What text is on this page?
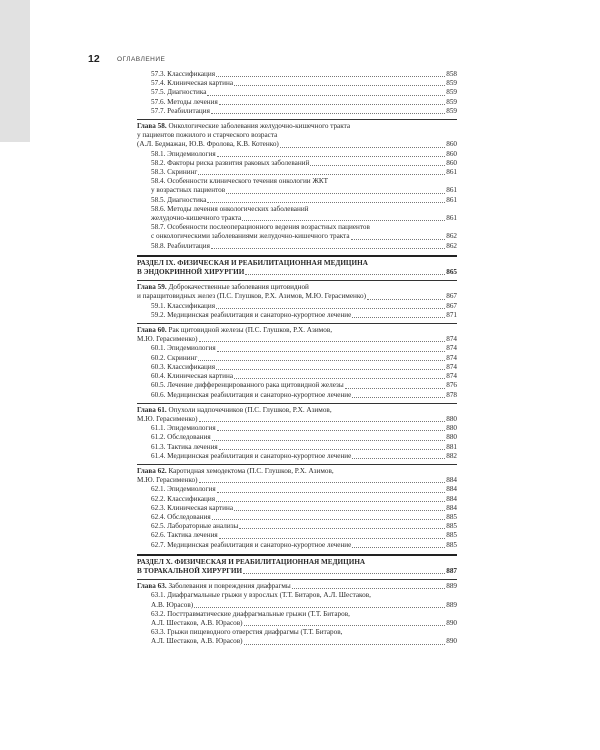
12	ОГЛАВЛЕНИЕ
57.3. Классификация	858
57.4. Клиническая картина	859
57.5. Диагностика	859
57.6. Методы лечения	859
57.7. Реабилитация	859
Глава 58. Онкологические заболевания желудочно-кишечного тракта
у пациентов пожилого и старческого возраста
(А.Л. Бедмажан, Ю.В. Фролова, К.В. Котенко)	860
58.1. Эпидемиология	860
58.2. Факторы риска развития раковых заболеваний	860
58.3. Скрининг	861
58.4. Особенности клинического течения онкологии ЖКТ
у возрастных пациентов	861
58.5. Диагностика	861
58.6. Методы лечения онкологических заболеваний
желудочно-кишечного тракта	861
58.7. Особенности послеоперационного ведения возрастных пациентов
с онкологическими заболеваниями желудочно-кишечного тракта	862
58.8. Реабилитация	862
РАЗДЕЛ IX. ФИЗИЧЕСКАЯ И РЕАБИЛИТАЦИОННАЯ МЕДИЦИНА
В ЭНДОКРИННОЙ ХИРУРГИИ	865
Глава 59. Доброкачественные заболевания щитовидной
и паращитовидных желез (П.С. Глушков, Р.Х. Азимов, М.Ю. Герасименко)	867
59.1. Классификация	867
59.2. Медицинская реабилитация и санаторно-курортное лечение	871
Глава 60. Рак щитовидной железы (П.С. Глушков, Р.Х. Азимов,
М.Ю. Герасименко)	874
60.1. Эпидемиология	874
60.2. Скрининг	874
60.3. Классификация	874
60.4. Клиническая картина	874
60.5. Лечение дифференцированного рака щитовидной железы	876
60.6. Медицинская реабилитация и санаторно-курортное лечение	878
Глава 61. Опухоли надпочечников (П.С. Глушков, Р.Х. Азимов,
М.Ю. Герасименко)	880
61.1. Эпидемиология	880
61.2. Обследования	880
61.3. Тактика лечения	881
61.4. Медицинская реабилитация и санаторно-курортное лечение	882
Глава 62. Каротидная хемодектома (П.С. Глушков, Р.Х. Азимов,
М.Ю. Герасименко)	884
62.1. Эпидемиология	884
62.2. Классификация	884
62.3. Клиническая картина	884
62.4. Обследования	885
62.5. Лабораторные анализы	885
62.6. Тактика лечения	885
62.7. Медицинская реабилитация и санаторно-курортное лечение	885
РАЗДЕЛ X. ФИЗИЧЕСКАЯ И РЕАБИЛИТАЦИОННАЯ МЕДИЦИНА
В ТОРАКАЛЬНОЙ ХИРУРГИИ	887
Глава 63. Заболевания и повреждения диафрагмы	889
63.1. Диафрагмальные грыжи у взрослых (Т.Т. Битаров, А.Л. Шестаков,
А.В. Юрасов)	889
63.2. Посттравматические диафрагмальные грыжи (Т.Т. Битаров,
А.Л. Шестаков, А.В. Юрасов)	890
63.3. Грыжи пищеводного отверстия диафрагмы (Т.Т. Битаров,
А.Л. Шестаков, А.В. Юрасов)	890
